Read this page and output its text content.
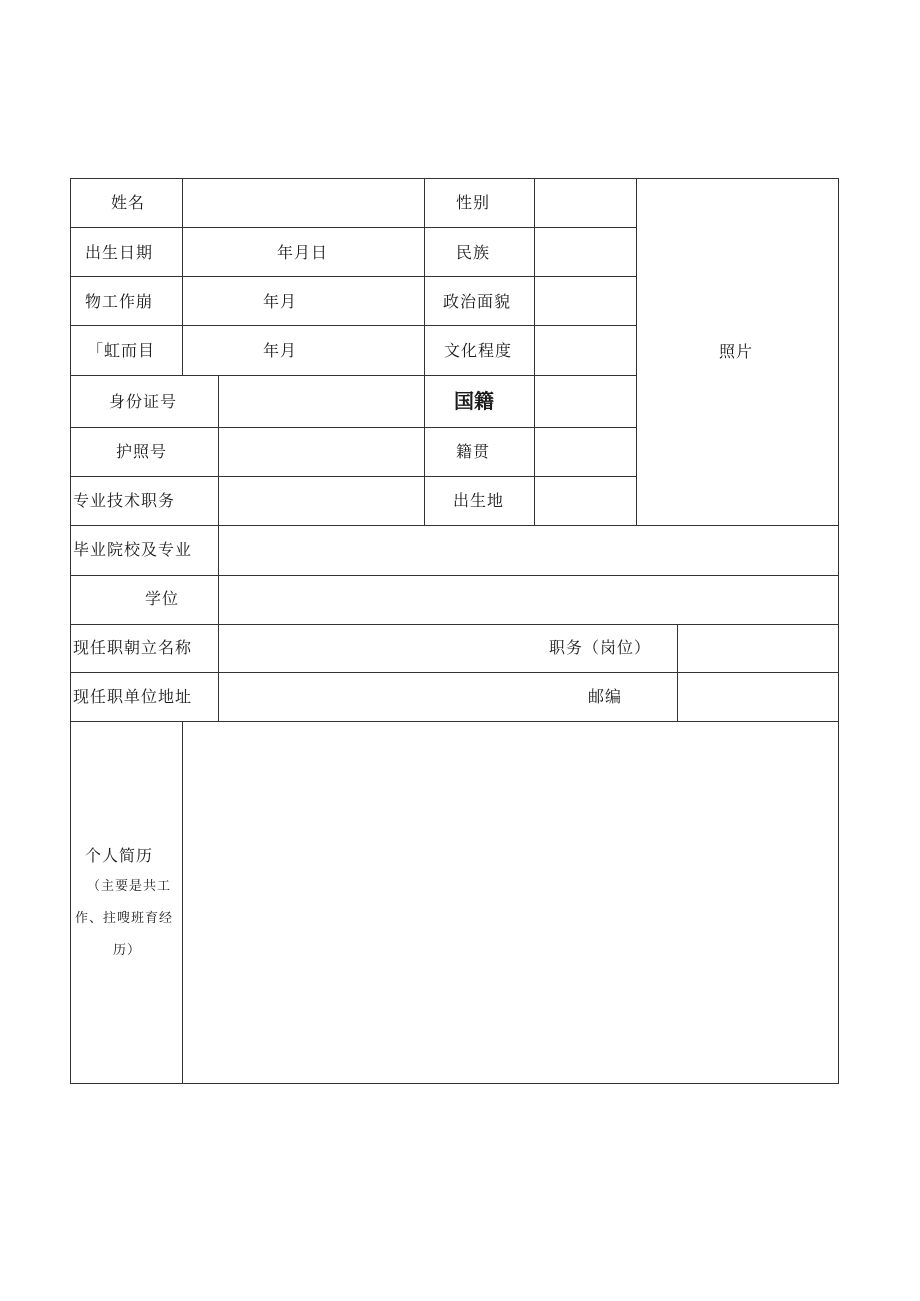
姓名	性别
出生日期	年月日	民族
物工作崩	年月	政治面貌
「虹而目	年月	文化程度	照片
身份证号	国籍
护照号	籍贯
专业技术职务	出生地
毕业院校及专业
学位
现任职朝立名称	职务（岗位）
现任职单位地址	邮编
个人简历
（主要是共工
作、拄嗖班育经
历）
